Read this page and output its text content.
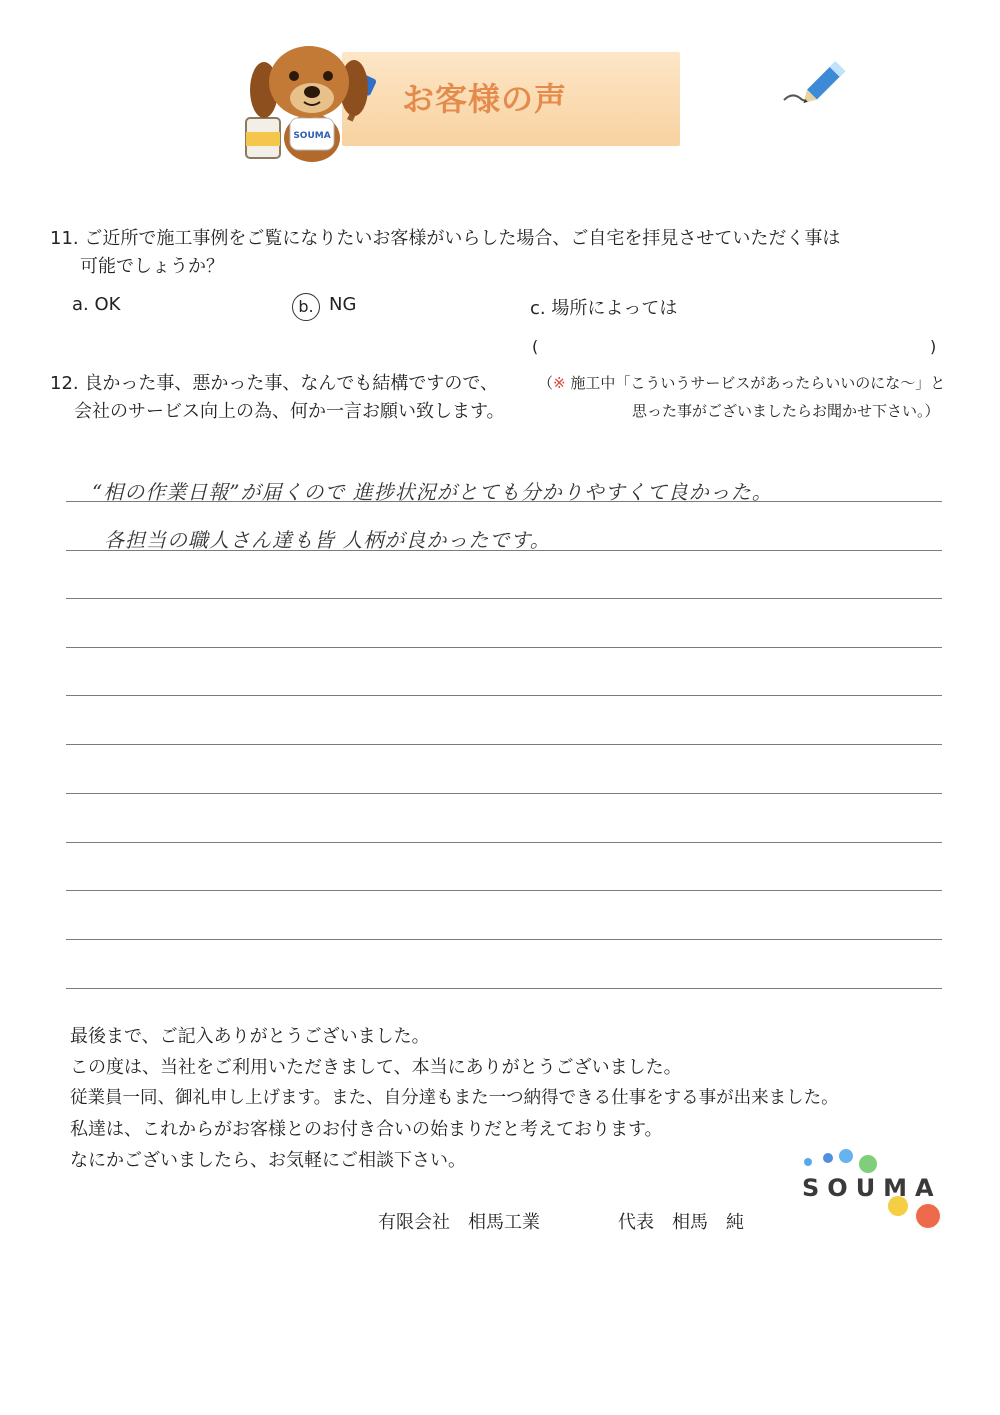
お客様の声
SOUMA
11. ご近所で施工事例をご覧になりたいお客様がいらした場合、ご自宅を拝見させていただく事は
可能でしょうか？
a. OK	b. NG	c. 場所によっては
(	)
12. 良かった事、悪かった事、なんでも結構ですので、
会社のサービス向上の為、何か一言お願い致します。
（※ 施工中「こういうサービスがあったらいいのにな～」と
思った事がございましたらお聞かせ下さい。）
“相の作業日報”が届くので 進捗状況がとても分かりやすくて良かった。
各担当の職人さん達も皆 人柄が良かったです。
最後まで、ご記入ありがとうございました。
この度は、当社をご利用いただきまして、本当にありがとうございました。
従業員一同、御礼申し上げます。また、自分達もまた一つ納得できる仕事をする事が出来ました。
私達は、これからがお客様とのお付き合いの始まりだと考えております。
なにかございましたら、お気軽にご相談下さい。
有限会社　相馬工業	代表　相馬　純
SOUMA
